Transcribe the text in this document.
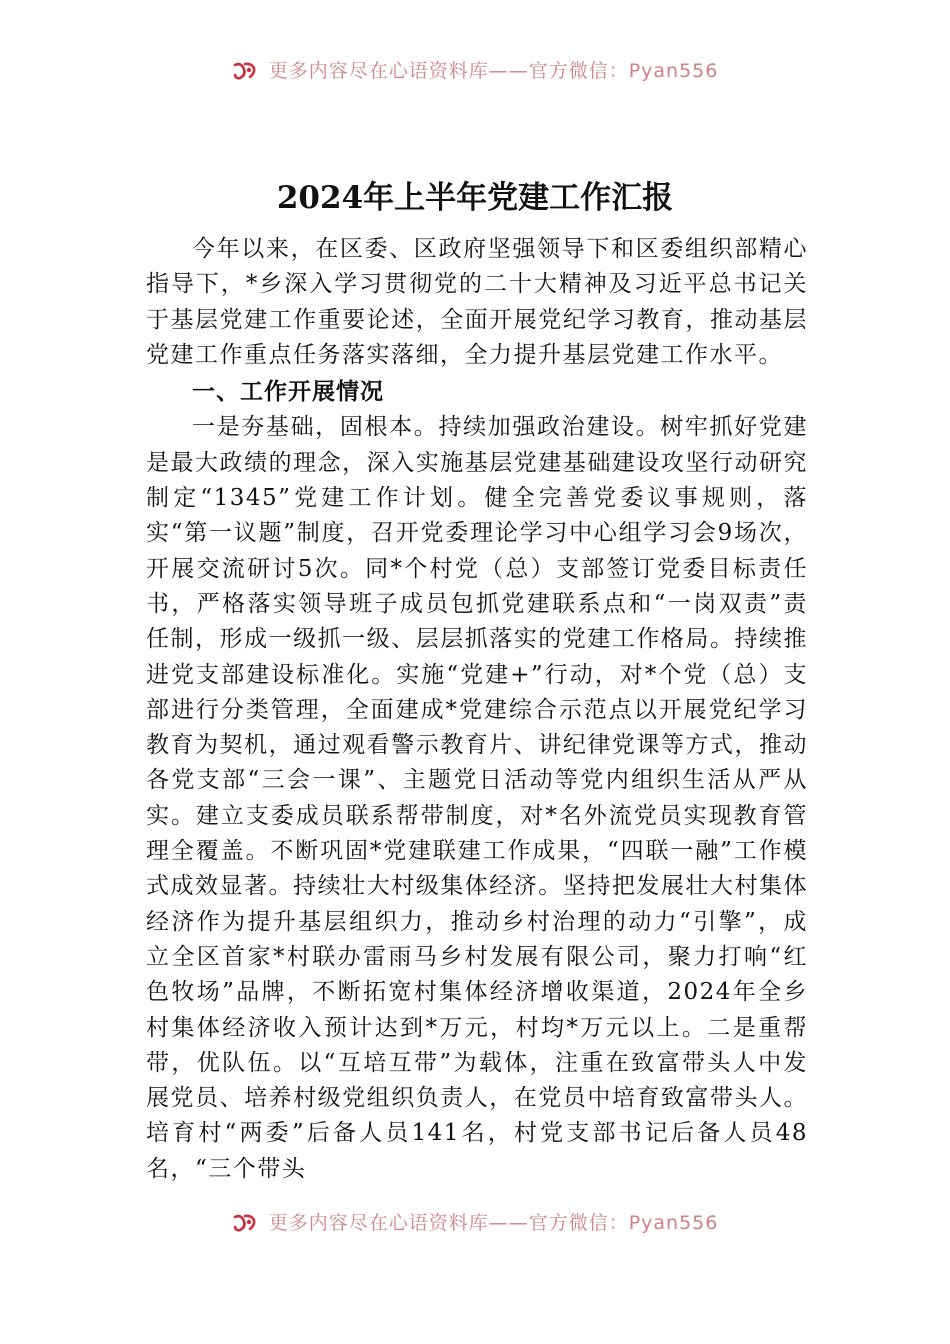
更多内容尽在心语资料库——官方微信：Pyan556
2024年上半年党建工作汇报

今年以来，在区委、区政府坚强领导下和区委组织部精心指导下，*乡深入学习贯彻党的二十大精神及习近平总书记关于基层党建工作重要论述，全面开展党纪学习教育，推动基层党建工作重点任务落实落细，全力提升基层党建工作水平。

一、工作开展情况

一是夯基础，固根本。持续加强政治建设。树牢抓好党建是最大政绩的理念，深入实施基层党建基础建设攻坚行动研究制定“1345”党建工作计划。健全完善党委议事规则，落实“第一议题”制度，召开党委理论学习中心组学习会9场次，开展交流研讨5次。同*个村党（总）支部签订党委目标责任书，严格落实领导班子成员包抓党建联系点和“一岗双责”责任制，形成一级抓一级、层层抓落实的党建工作格局。持续推进党支部建设标准化。实施“党建+”行动，对*个党（总）支部进行分类管理，全面建成*党建综合示范点以开展党纪学习教育为契机，通过观看警示教育片、讲纪律党课等方式，推动各党支部“三会一课”、主题党日活动等党内组织生活从严从实。建立支委成员联系帮带制度，对*名外流党员实现教育管理全覆盖。不断巩固*党建联建工作成果，“四联一融”工作模式成效显著。持续壮大村级集体经济。坚持把发展壮大村集体经济作为提升基层组织力，推动乡村治理的动力“引擎”，成立全区首家*村联办雷雨马乡村发展有限公司，聚力打响“红色牧场”品牌，不断拓宽村集体经济增收渠道，2024年全乡村集体经济收入预计达到*万元，村均*万元以上。二是重帮带，优队伍。以“互培互带”为载体，注重在致富带头人中发展党员、培养村级党组织负责人，在党员中培育致富带头人。培育村“两委”后备人员141名，村党支部书记后备人员48名，“三个带头

更多内容尽在心语资料库——官方微信：Pyan556
